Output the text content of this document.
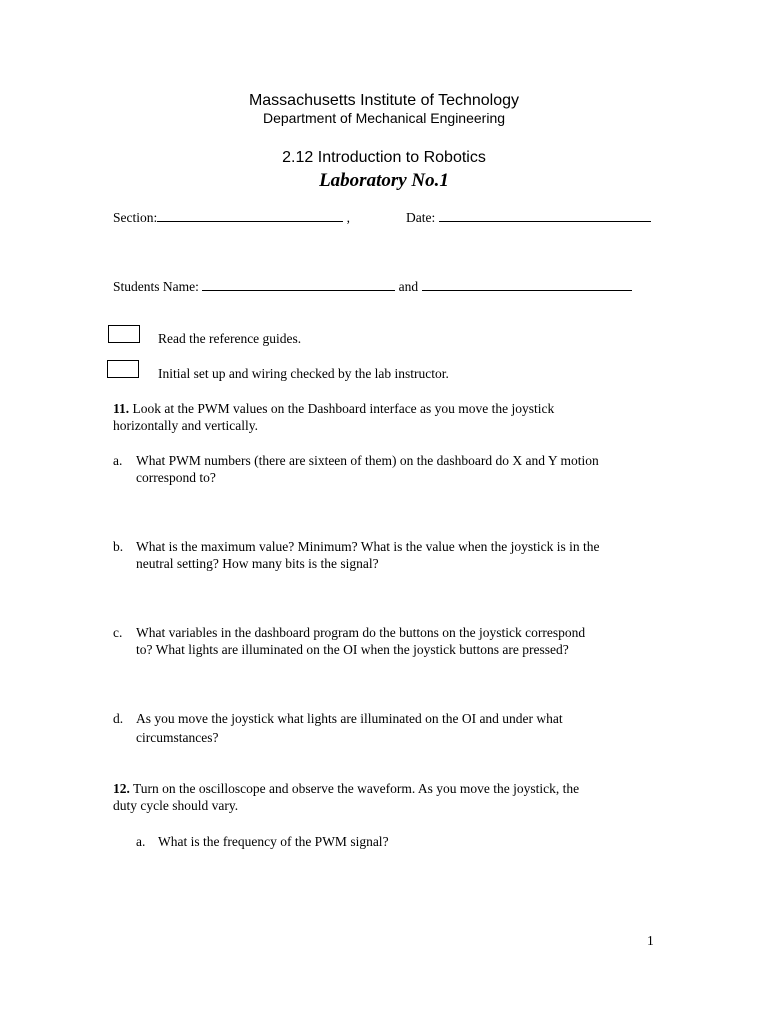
Massachusetts Institute of Technology
Department of Mechanical Engineering
2.12 Introduction to Robotics
Laboratory No.1
Section:	,	Date:
Students Name:	and
Read the reference guides.
Initial set up and wiring checked by the lab instructor.
11. Look at the PWM values on the Dashboard interface as you move the joystick
horizontally and vertically.
a. What PWM numbers (there are sixteen of them) on the dashboard do X and Y motion
correspond to?
b. What is the maximum value? Minimum? What is the value when the joystick is in the
neutral setting? How many bits is the signal?
c. What variables in the dashboard program do the buttons on the joystick correspond
to? What lights are illuminated on the OI when the joystick buttons are pressed?
d. As you move the joystick what lights are illuminated on the OI and under what
circumstances?
12. Turn on the oscilloscope and observe the waveform. As you move the joystick, the
duty cycle should vary.
a. What is the frequency of the PWM signal?
1
